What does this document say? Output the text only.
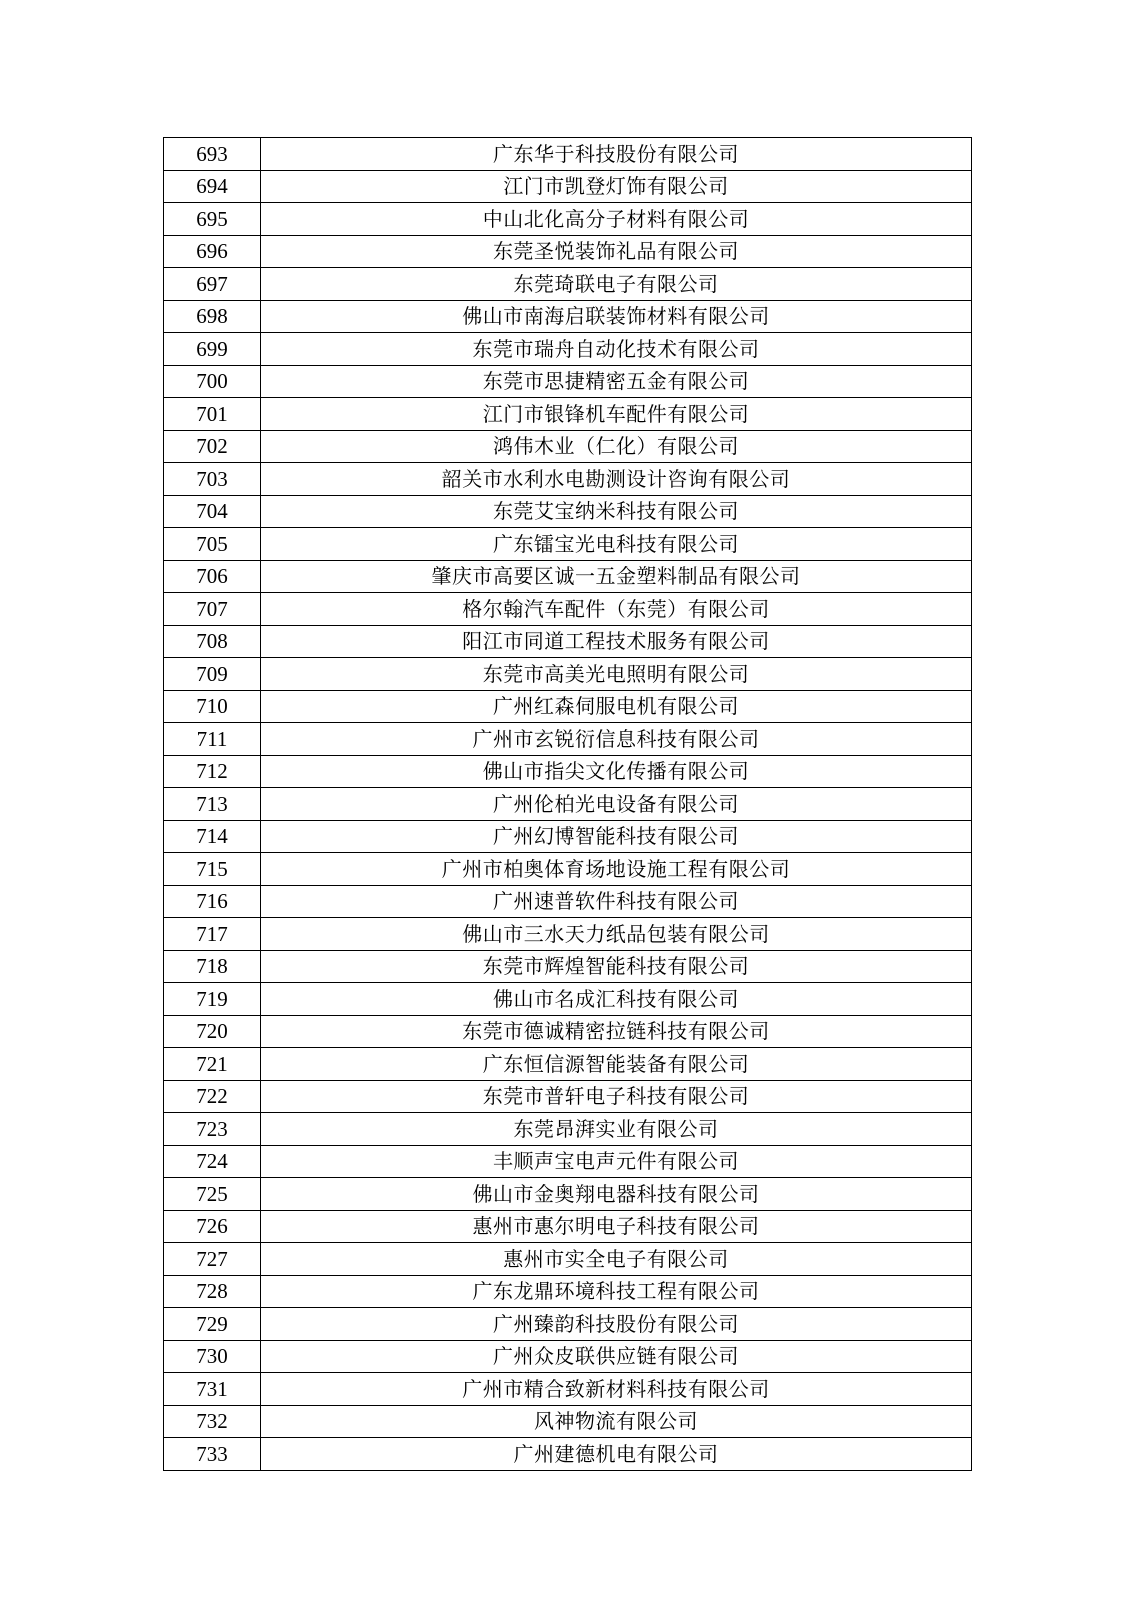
693	广东华于科技股份有限公司
694	江门市凯登灯饰有限公司
695	中山北化高分子材料有限公司
696	东莞圣悦装饰礼品有限公司
697	东莞琦联电子有限公司
698	佛山市南海启联装饰材料有限公司
699	东莞市瑞舟自动化技术有限公司
700	东莞市思捷精密五金有限公司
701	江门市银锋机车配件有限公司
702	鸿伟木业（仁化）有限公司
703	韶关市水利水电勘测设计咨询有限公司
704	东莞艾宝纳米科技有限公司
705	广东镭宝光电科技有限公司
706	肇庆市高要区诚一五金塑料制品有限公司
707	格尔翰汽车配件（东莞）有限公司
708	阳江市同道工程技术服务有限公司
709	东莞市高美光电照明有限公司
710	广州红森伺服电机有限公司
711	广州市玄锐衍信息科技有限公司
712	佛山市指尖文化传播有限公司
713	广州伦柏光电设备有限公司
714	广州幻博智能科技有限公司
715	广州市柏奥体育场地设施工程有限公司
716	广州速普软件科技有限公司
717	佛山市三水天力纸品包装有限公司
718	东莞市辉煌智能科技有限公司
719	佛山市名成汇科技有限公司
720	东莞市德诚精密拉链科技有限公司
721	广东恒信源智能装备有限公司
722	东莞市普轩电子科技有限公司
723	东莞昂湃实业有限公司
724	丰顺声宝电声元件有限公司
725	佛山市金奥翔电器科技有限公司
726	惠州市惠尔明电子科技有限公司
727	惠州市实全电子有限公司
728	广东龙鼎环境科技工程有限公司
729	广州臻韵科技股份有限公司
730	广州众皮联供应链有限公司
731	广州市精合致新材料科技有限公司
732	风神物流有限公司
733	广州建德机电有限公司
